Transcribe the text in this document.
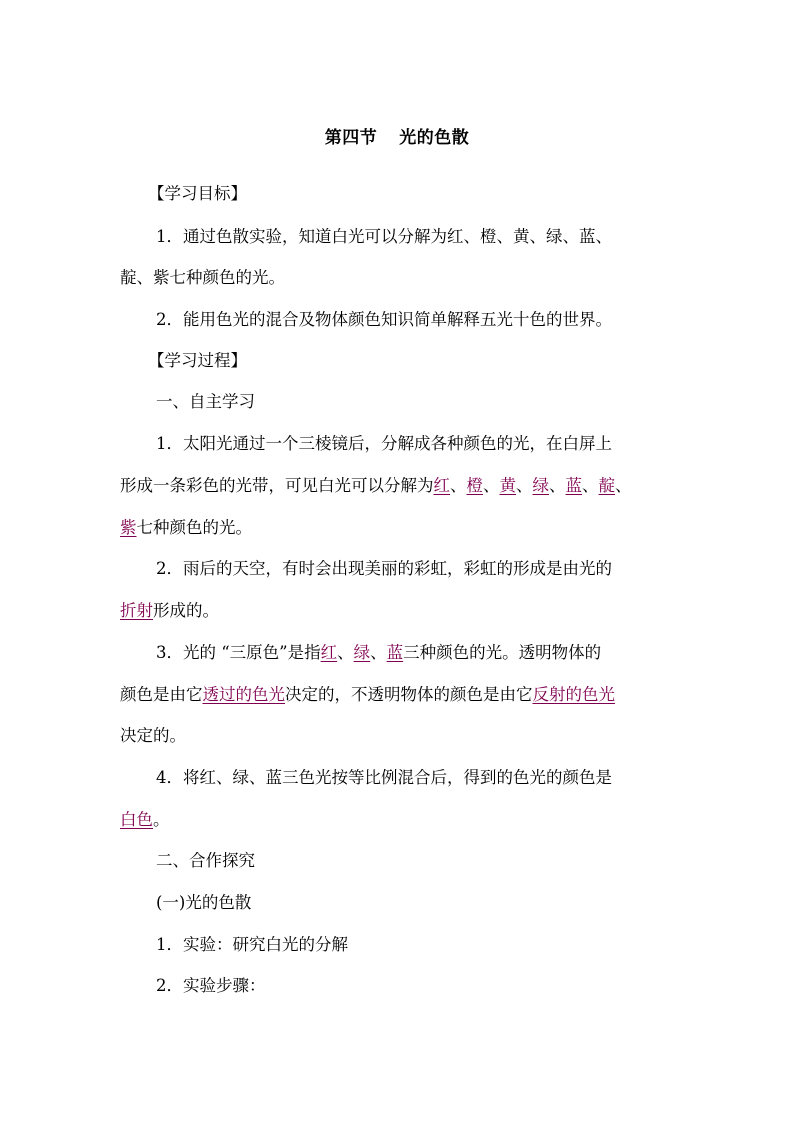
第四节 光的色散
【学习目标】
1．通过色散实验，知道白光可以分解为红、橙、黄、绿、蓝、
靛、紫七种颜色的光。
2．能用色光的混合及物体颜色知识简单解释五光十色的世界。
【学习过程】
一、自主学习
1．太阳光通过一个三棱镜后，分解成各种颜色的光，在白屏上
形成一条彩色的光带，可见白光可以分解为红、橙、黄、绿、蓝、靛、
紫七种颜色的光。
2．雨后的天空，有时会出现美丽的彩虹，彩虹的形成是由光的
折射形成的。
3．光的 “三原色”是指红、绿、蓝三种颜色的光。透明物体的
颜色是由它透过的色光决定的，不透明物体的颜色是由它反射的色光
决定的。
4．将红、绿、蓝三色光按等比例混合后，得到的色光的颜色是
白色。
二、合作探究
(一)光的色散
1．实验：研究白光的分解
2．实验步骤：
